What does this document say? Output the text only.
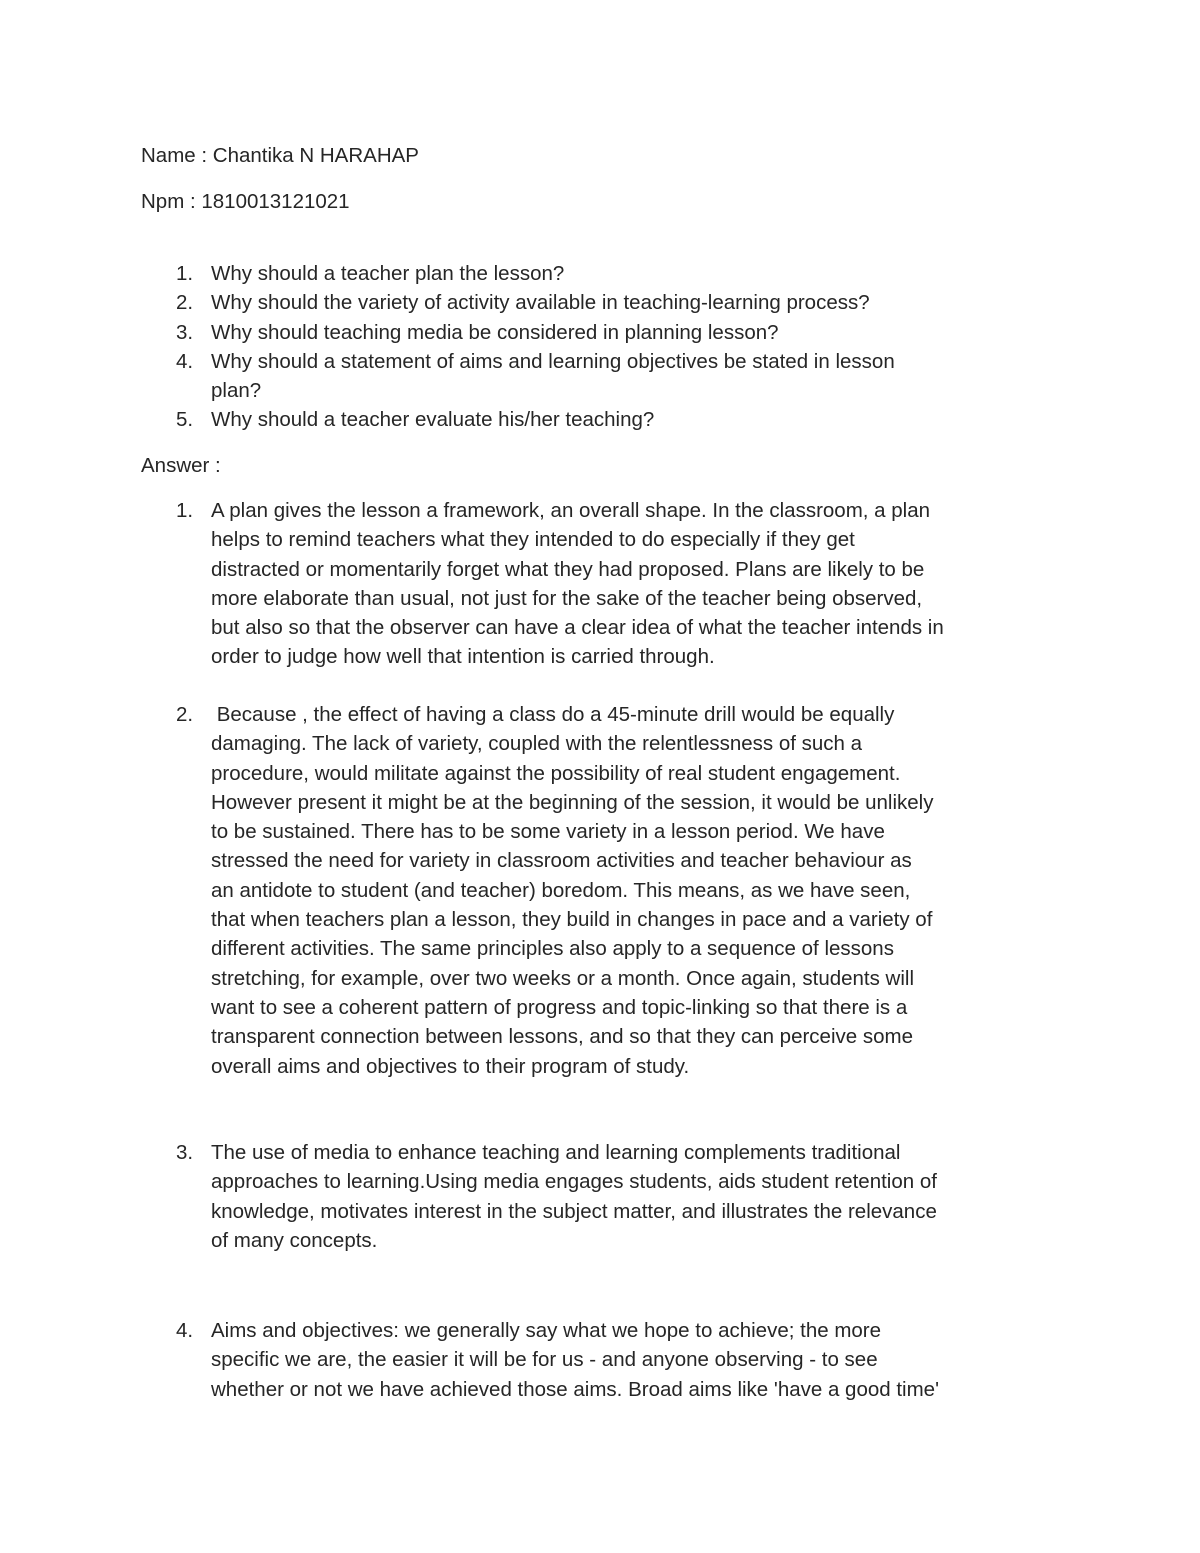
Name : Chantika N HARAHAP
Npm : 1810013121021
1. Why should a teacher plan the lesson?
2. Why should the variety of activity available in teaching-learning process?
3. Why should teaching media be considered in planning lesson?
4. Why should a statement of aims and learning objectives be stated in lesson
plan?
5. Why should a teacher evaluate his/her teaching?
Answer :
1. A plan gives the lesson a framework, an overall shape. In the classroom, a plan
helps to remind teachers what they intended to do especially if they get
distracted or momentarily forget what they had proposed. Plans are likely to be
more elaborate than usual, not just for the sake of the teacher being observed,
but also so that the observer can have a clear idea of what the teacher intends in
order to judge how well that intention is carried through.
2. Because , the effect of having a class do a 45-minute drill would be equally
damaging. The lack of variety, coupled with the relentlessness of such a
procedure, would militate against the possibility of real student engagement.
However present it might be at the beginning of the session, it would be unlikely
to be sustained. There has to be some variety in a lesson period. We have
stressed the need for variety in classroom activities and teacher behaviour as
an antidote to student (and teacher) boredom. This means, as we have seen,
that when teachers plan a lesson, they build in changes in pace and a variety of
different activities. The same principles also apply to a sequence of lessons
stretching, for example, over two weeks or a month. Once again, students will
want to see a coherent pattern of progress and topic-linking so that there is a
transparent connection between lessons, and so that they can perceive some
overall aims and objectives to their program of study.
3. The use of media to enhance teaching and learning complements traditional
approaches to learning.Using media engages students, aids student retention of
knowledge, motivates interest in the subject matter, and illustrates the relevance
of many concepts.
4. Aims and objectives: we generally say what we hope to achieve; the more
specific we are, the easier it will be for us - and anyone observing - to see
whether or not we have achieved those aims. Broad aims like 'have a good time'
